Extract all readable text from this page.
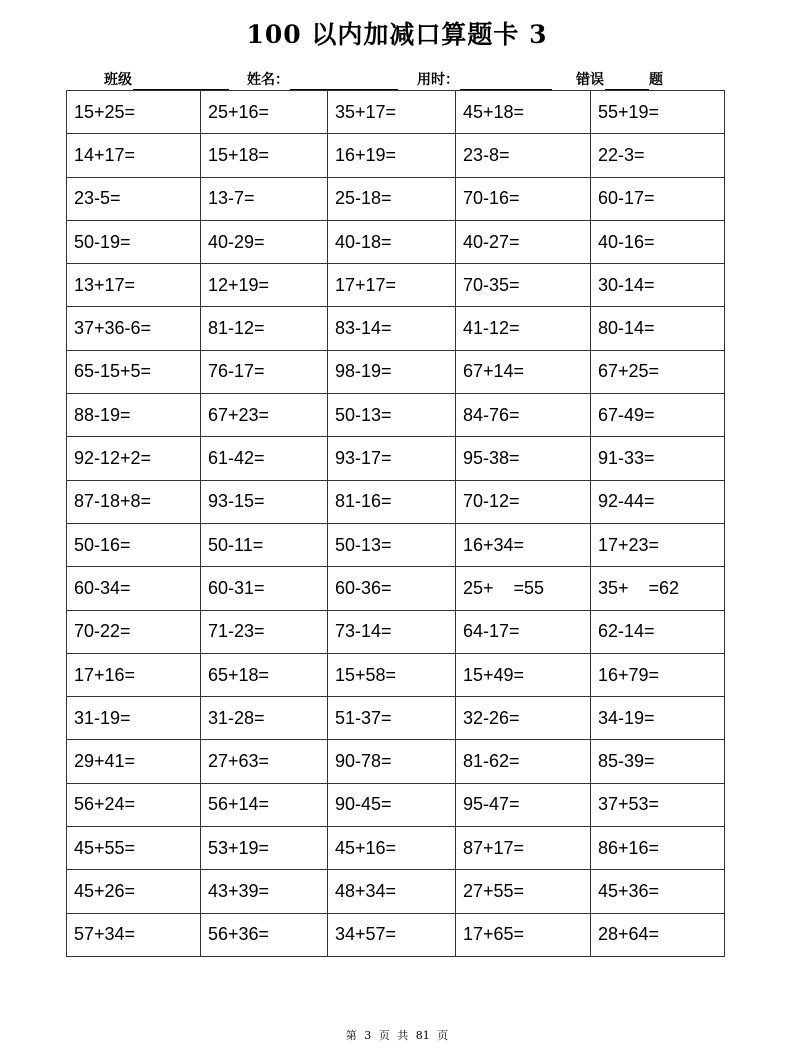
100 以内加减口算题卡 3
班级	姓名：	用时：	错误	题
15+25=	25+16=	35+17=	45+18=	55+19=
14+17=	15+18=	16+19=	23-8=	22-3=
23-5=	13-7=	25-18=	70-16=	60-17=
50-19=	40-29=	40-18=	40-27=	40-16=
13+17=	12+19=	17+17=	70-35=	30-14=
37+36-6=	81-12=	83-14=	41-12=	80-14=
65-15+5=	76-17=	98-19=	67+14=	67+25=
88-19=	67+23=	50-13=	84-76=	67-49=
92-12+2=	61-42=	93-17=	95-38=	91-33=
87-18+8=	93-15=	81-16=	70-12=	92-44=
50-16=	50-11=	50-13=	16+34=	17+23=
60-34=	60-31=	60-36=	25+    =55	35+    =62
70-22=	71-23=	73-14=	64-17=	62-14=
17+16=	65+18=	15+58=	15+49=	16+79=
31-19=	31-28=	51-37=	32-26=	34-19=
29+41=	27+63=	90-78=	81-62=	85-39=
56+24=	56+14=	90-45=	95-47=	37+53=
45+55=	53+19=	45+16=	87+17=	86+16=
45+26=	43+39=	48+34=	27+55=	45+36=
57+34=	56+36=	34+57=	17+65=	28+64=
第 3 页 共 81 页
